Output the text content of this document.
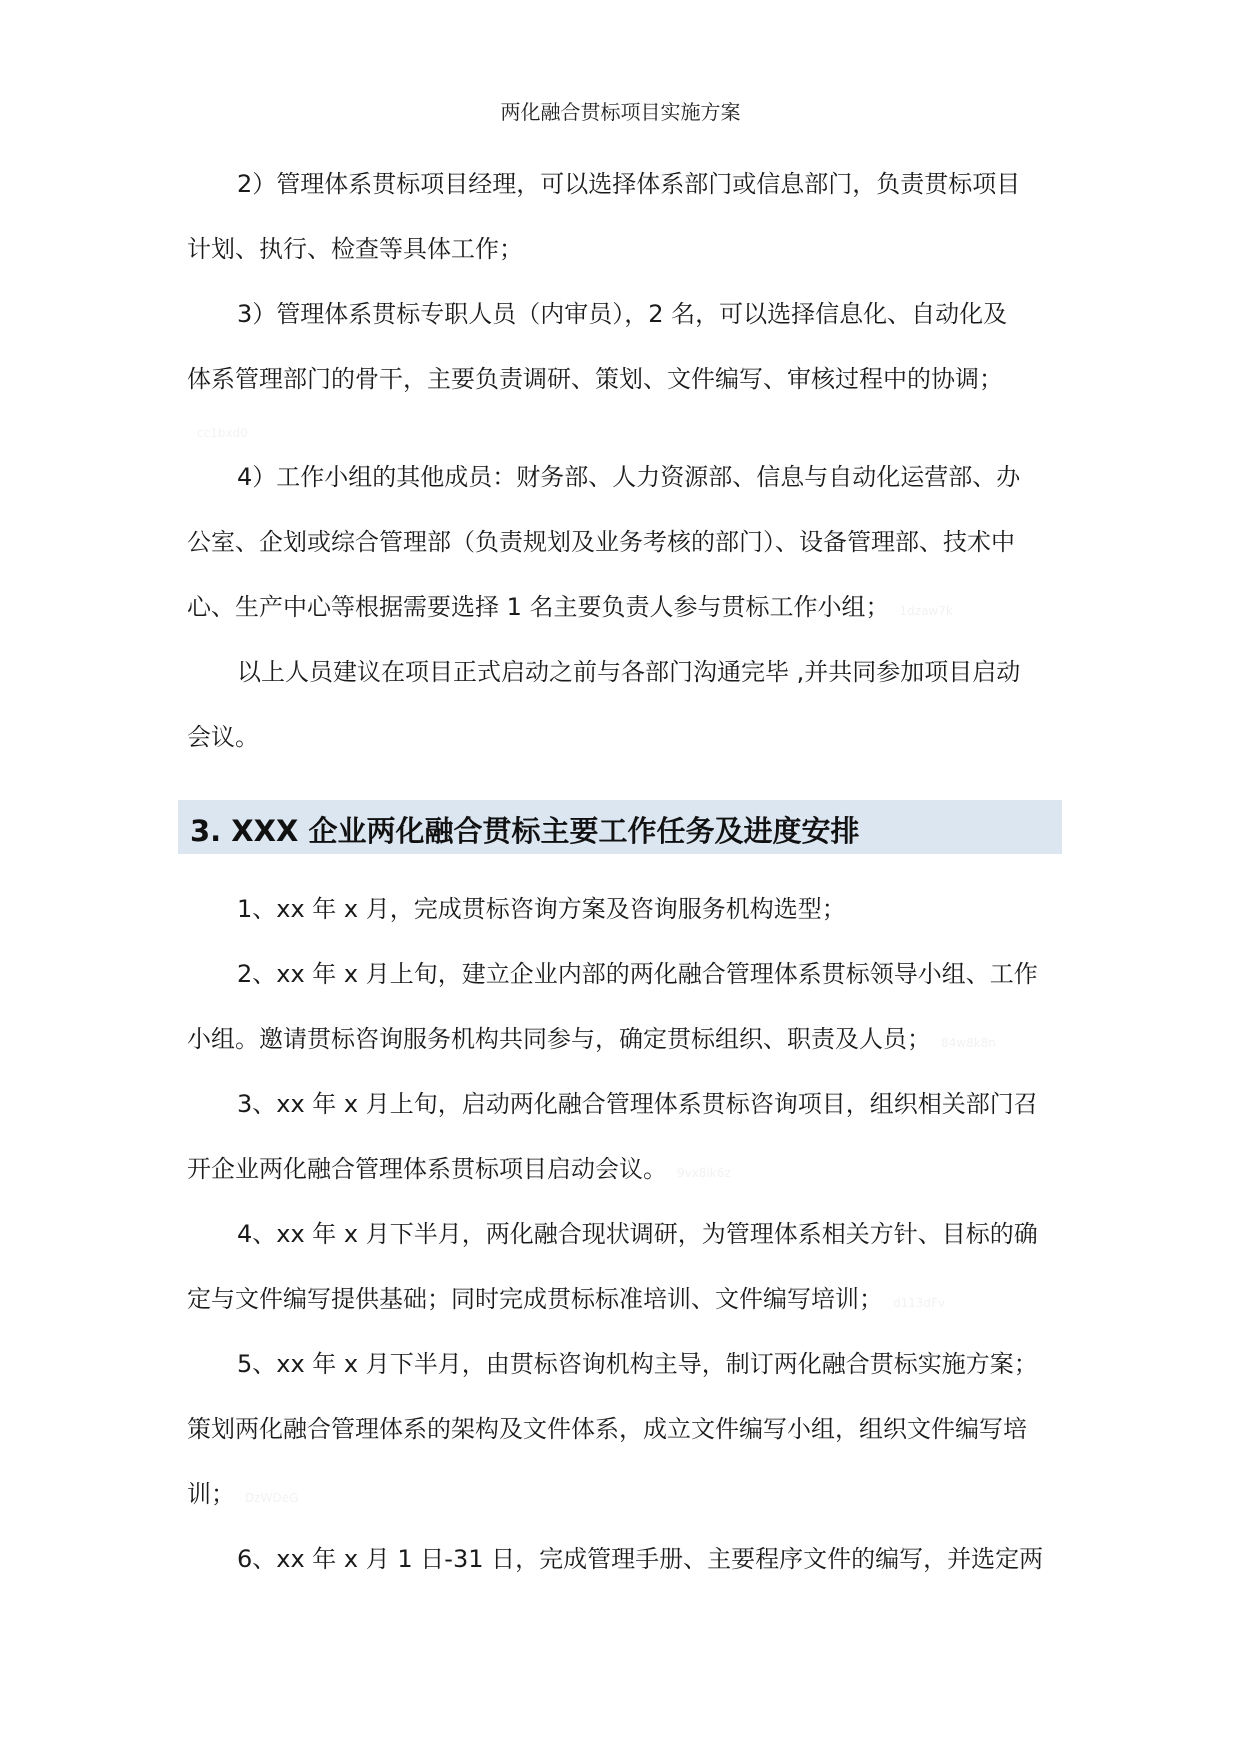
两化融合贯标项目实施方案
2）管理体系贯标项目经理，可以选择体系部门或信息部门，负责贯标项目
计划、执行、检查等具体工作；
3）管理体系贯标专职人员（内审员），2 名，可以选择信息化、自动化及
体系管理部门的骨干，主要负责调研、策划、文件编写、审核过程中的协调；
cc1bxd0
4）工作小组的其他成员：财务部、人力资源部、信息与自动化运营部、办
公室、企划或综合管理部（负责规划及业务考核的部门）、设备管理部、技术中
心、生产中心等根据需要选择 1 名主要负责人参与贯标工作小组； 1dzaw7k
以上人员建议在项目正式启动之前与各部门沟通完毕 ,并共同参加项目启动
会议。
3. XXX 企业两化融合贯标主要工作任务及进度安排
1、xx 年 x 月，完成贯标咨询方案及咨询服务机构选型；
2、xx 年 x 月上旬，建立企业内部的两化融合管理体系贯标领导小组、工作
小组。邀请贯标咨询服务机构共同参与，确定贯标组织、职责及人员； 84w8k8n
3、xx 年 x 月上旬，启动两化融合管理体系贯标咨询项目，组织相关部门召
开企业两化融合管理体系贯标项目启动会议。 9vx8ik6z
4、xx 年 x 月下半月，两化融合现状调研，为管理体系相关方针、目标的确
定与文件编写提供基础；同时完成贯标标准培训、文件编写培训； d113dFv
5、xx 年 x 月下半月，由贯标咨询机构主导，制订两化融合贯标实施方案；
策划两化融合管理体系的架构及文件体系，成立文件编写小组，组织文件编写培
训； DzWDeG
6、xx 年 x 月 1 日-31 日，完成管理手册、主要程序文件的编写，并选定两
